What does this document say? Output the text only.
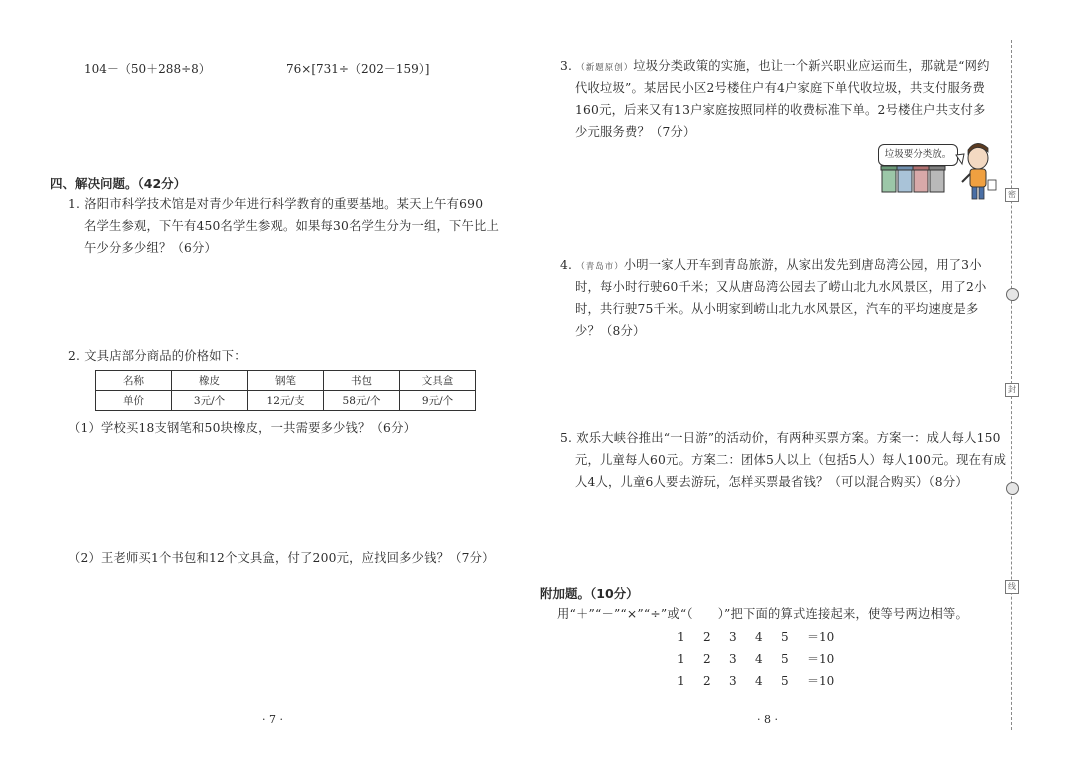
104－（50＋288÷8）	76×[731÷（202－159）]
四、解决问题。（42分）
1. 洛阳市科学技术馆是对青少年进行科学教育的重要基地。某天上午有690
名学生参观，下午有450名学生参观。如果每30名学生分为一组，下午比上
午少分多少组？（6分）
2. 文具店部分商品的价格如下：
名称	橡皮	钢笔	书包	文具盒
单价	3元/个	12元/支	58元/个	9元/个
（1）学校买18支钢笔和50块橡皮，一共需要多少钱？（6分）
（2）王老师买1个书包和12个文具盒，付了200元，应找回多少钱？（7分）
· 7 ·
3. （新题原创）垃圾分类政策的实施，也让一个新兴职业应运而生，那就是“网约
代收垃圾”。某居民小区2号楼住户有4户家庭下单代收垃圾，共支付服务费
160元，后来又有13户家庭按照同样的收费标准下单。2号楼住户共支付多
少元服务费？（7分）
垃圾要分类放。
4. （青岛市）小明一家人开车到青岛旅游，从家出发先到唐岛湾公园，用了3小
时，每小时行驶60千米；又从唐岛湾公园去了崂山北九水风景区，用了2小
时，共行驶75千米。从小明家到崂山北九水风景区，汽车的平均速度是多
少？（8分）
5. 欢乐大峡谷推出“一日游”的活动价，有两种买票方案。方案一：成人每人150
元，儿童每人60元。方案二：团体5人以上（包括5人）每人100元。现在有成
人4人，儿童6人要去游玩，怎样买票最省钱？（可以混合购买）（8分）
附加题。（10分）
用“＋”“－”“×”“÷”或“（　　）”把下面的算式连接起来，使等号两边相等。
1 2 3 4 5 ＝10
1 2 3 4 5 ＝10
1 2 3 4 5 ＝10
· 8 ·
密
封
线
